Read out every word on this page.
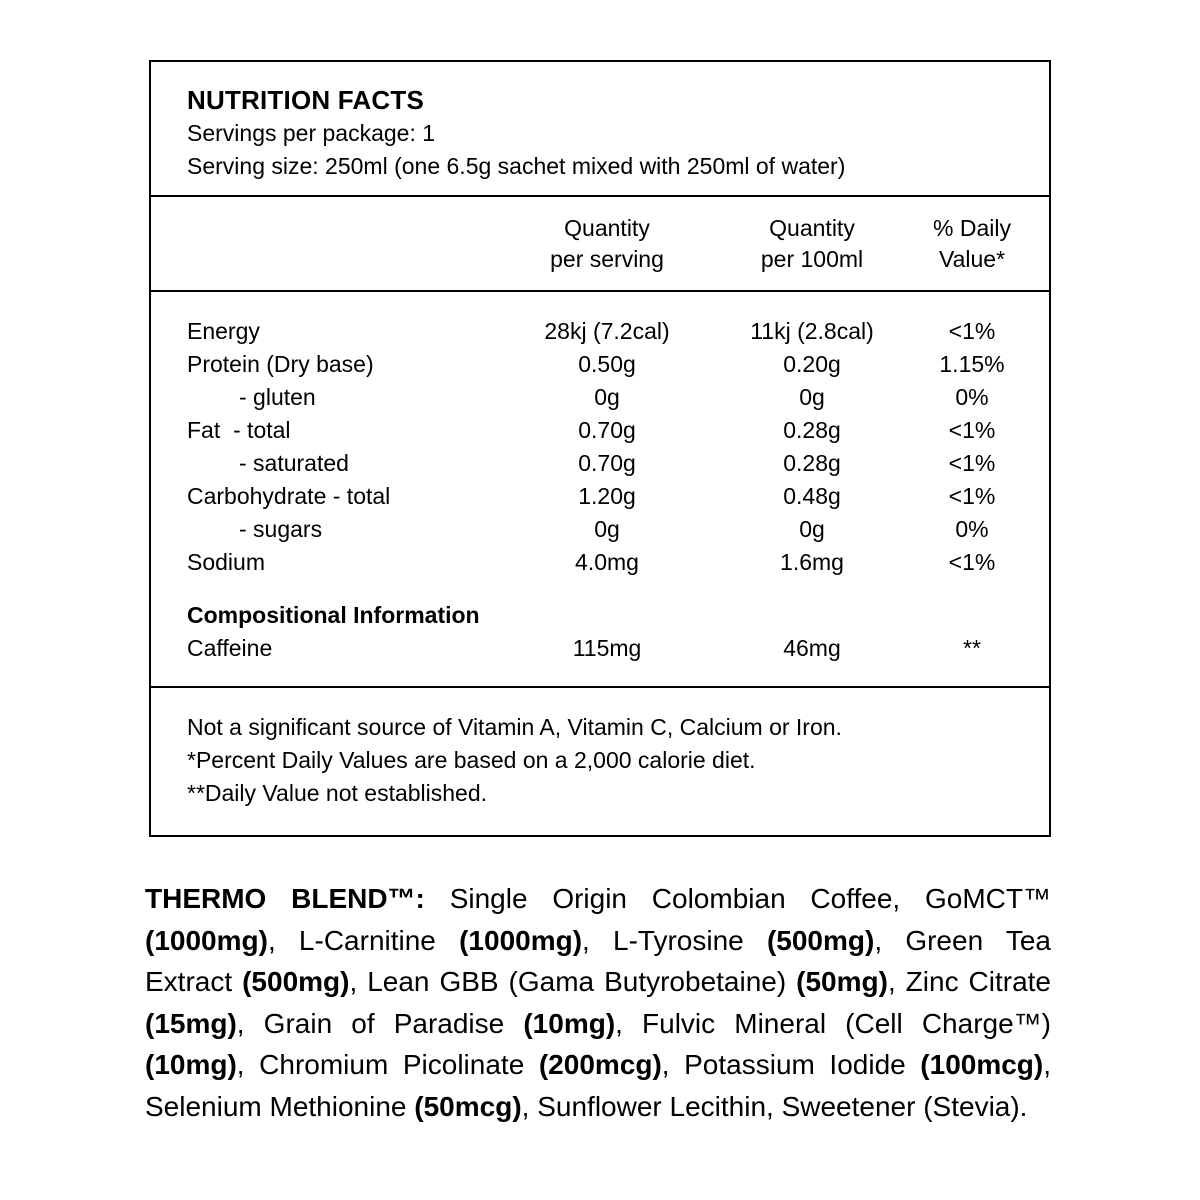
NUTRITION FACTS
Servings per package: 1
Serving size: 250ml (one 6.5g sachet mixed with 250ml of water)
Quantity
per serving
Quantity
per 100ml
% Daily
Value*
Energy	28kj (7.2cal)	11kj (2.8cal)	<1%
Protein (Dry base)	0.50g	0.20g	1.15%
- gluten	0g	0g	0%
Fat  - total	0.70g	0.28g	<1%
- saturated	0.70g	0.28g	<1%
Carbohydrate - total	1.20g	0.48g	<1%
- sugars	0g	0g	0%
Sodium	4.0mg	1.6mg	<1%
Compositional Information
Caffeine	115mg	46mg	**
Not a significant source of Vitamin A, Vitamin C, Calcium or Iron.
*Percent Daily Values are based on a 2,000 calorie diet.
**Daily Value not established.

THERMO BLEND™: Single Origin Colombian Coffee, GoMCT™ (1000mg), L-Carnitine (1000mg), L-Tyrosine (500mg), Green Tea Extract (500mg), Lean GBB (Gama Butyrobetaine) (50mg), Zinc Citrate (15mg), Grain of Paradise (10mg), Fulvic Mineral (Cell Charge™) (10mg), Chromium Picolinate (200mcg), Potassium Iodide (100mcg), Selenium Methionine (50mcg), Sunflower Lecithin, Sweetener (Stevia).
